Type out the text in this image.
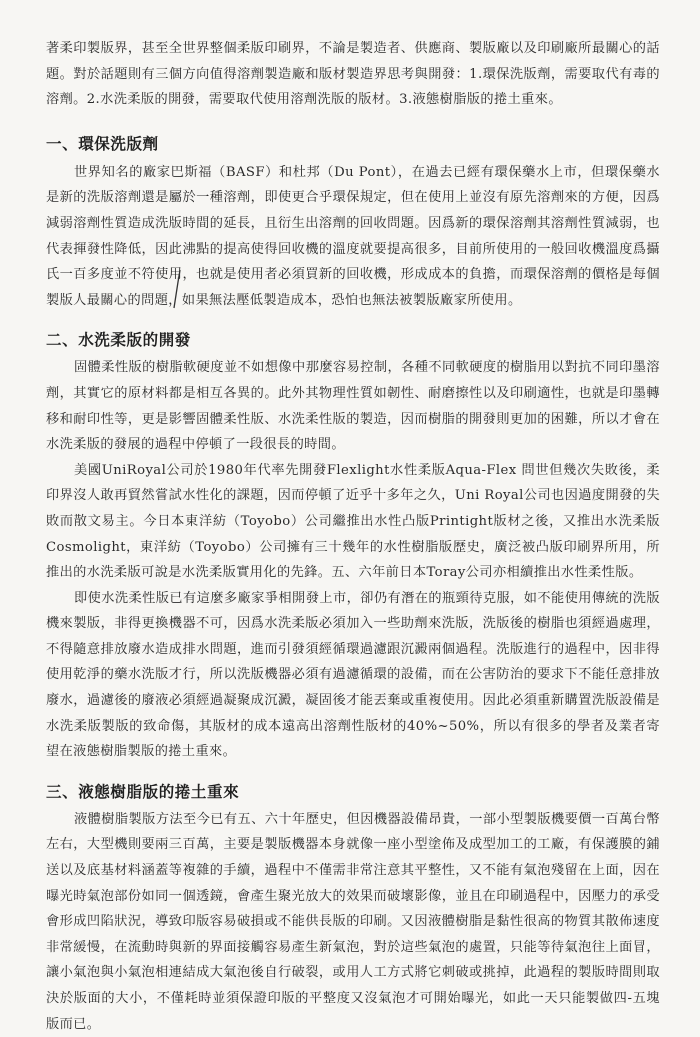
著柔印製版界，甚至全世界整個柔版印刷界，不論是製造者、供應商、製版廠以及印刷廠所最關心的話題。對於話題則有三個方向值得溶劑製造廠和版材製造界思考與開發：1.環保洗版劑，需要取代有毒的溶劑。2.水洗柔版的開發，需要取代使用溶劑洗版的版材。3.液態樹脂版的捲土重來。

一、環保洗版劑

世界知名的廠家巴斯福（BASF）和杜邦（Du Pont），在過去已經有環保藥水上市，但環保藥水是新的洗版溶劑還是屬於一種溶劑，即使更合乎環保規定，但在使用上並沒有原先溶劑來的方便，因爲減弱溶劑性質造成洗版時間的延長，且衍生出溶劑的回收問題。因爲新的環保溶劑其溶劑性質減弱，也代表揮發性降低，因此沸點的提高使得回收機的溫度就要提高很多，目前所使用的一般回收機溫度爲攝氏一百多度並不符使用，也就是使用者必須買新的回收機，形成成本的負擔，而環保溶劑的價格是每個製版人最關心的問題，如果無法壓低製造成本，恐怕也無法被製版廠家所使用。

二、水洗柔版的開發

固體柔性版的樹脂軟硬度並不如想像中那麼容易控制，各種不同軟硬度的樹脂用以對抗不同印墨溶劑，其實它的原材料都是相互各異的。此外其物理性質如韌性、耐磨擦性以及印刷適性，也就是印墨轉移和耐印性等，更是影響固體柔性版、水洗柔性版的製造，因而樹脂的開發則更加的困難，所以才會在水洗柔版的發展的過程中停頓了一段很長的時間。

美國UniRoyal公司於1980年代率先開發Flexlight水性柔版Aqua-Flex 問世但幾次失敗後，柔印界沒人敢再貿然嘗試水性化的課題，因而停頓了近乎十多年之久，Uni Royal公司也因過度開發的失敗而散文易主。今日本東洋紡（Toyobo）公司繼推出水性凸版Printight版材之後，又推出水洗柔版Cosmolight，東洋紡（Toyobo）公司擁有三十幾年的水性樹脂版歷史，廣泛被凸版印刷界所用，所推出的水洗柔版可說是水洗柔版實用化的先鋒。五、六年前日本Toray公司亦相續推出水性柔性版。

即使水洗柔性版已有這麼多廠家爭相開發上市，卻仍有潛在的瓶頸待克服，如不能使用傳統的洗版機來製版，非得更換機器不可，因爲水洗柔版必須加入一些助劑來洗版，洗版後的樹脂也須經過處理，不得隨意排放廢水造成排水問題，進而引發須經循環過濾跟沉澱兩個過程。洗版進行的過程中，因非得使用乾淨的藥水洗版才行，所以洗版機器必須有過濾循環的設備，而在公害防治的要求下不能任意排放廢水，過濾後的廢液必須經過凝聚成沉澱，凝固後才能丟棄或重複使用。因此必須重新購置洗版設備是水洗柔版製版的致命傷，其版材的成本遠高出溶劑性版材的40%~50%，所以有很多的學者及業者寄望在液態樹脂製版的捲土重來。

三、液態樹脂版的捲土重來

液體樹脂製版方法至今已有五、六十年歷史，但因機器設備昂貴，一部小型製版機要價一百萬台幣左右，大型機則要兩三百萬，主要是製版機器本身就像一座小型塗佈及成型加工的工廠，有保護膜的鋪送以及底基材料涵蓋等複雜的手續，過程中不僅需非常注意其平整性，又不能有氣泡殘留在上面，因在曝光時氣泡部份如同一個透鏡，會產生聚光放大的效果而破壞影像，並且在印刷過程中，因壓力的承受會形成凹陷狀況，導致印版容易破損或不能供長版的印刷。又因液體樹脂是黏性很高的物質其散佈速度非常緩慢，在流動時與新的界面接觸容易產生新氣泡，對於這些氣泡的處置，只能等待氣泡往上面冒，讓小氣泡與小氣泡相連結成大氣泡後自行破裂，或用人工方式將它刺破或挑掉，此過程的製版時間則取決於版面的大小，不僅耗時並須保證印版的平整度又沒氣泡才可開始曝光，如此一天只能製做四-五塊版而已。
